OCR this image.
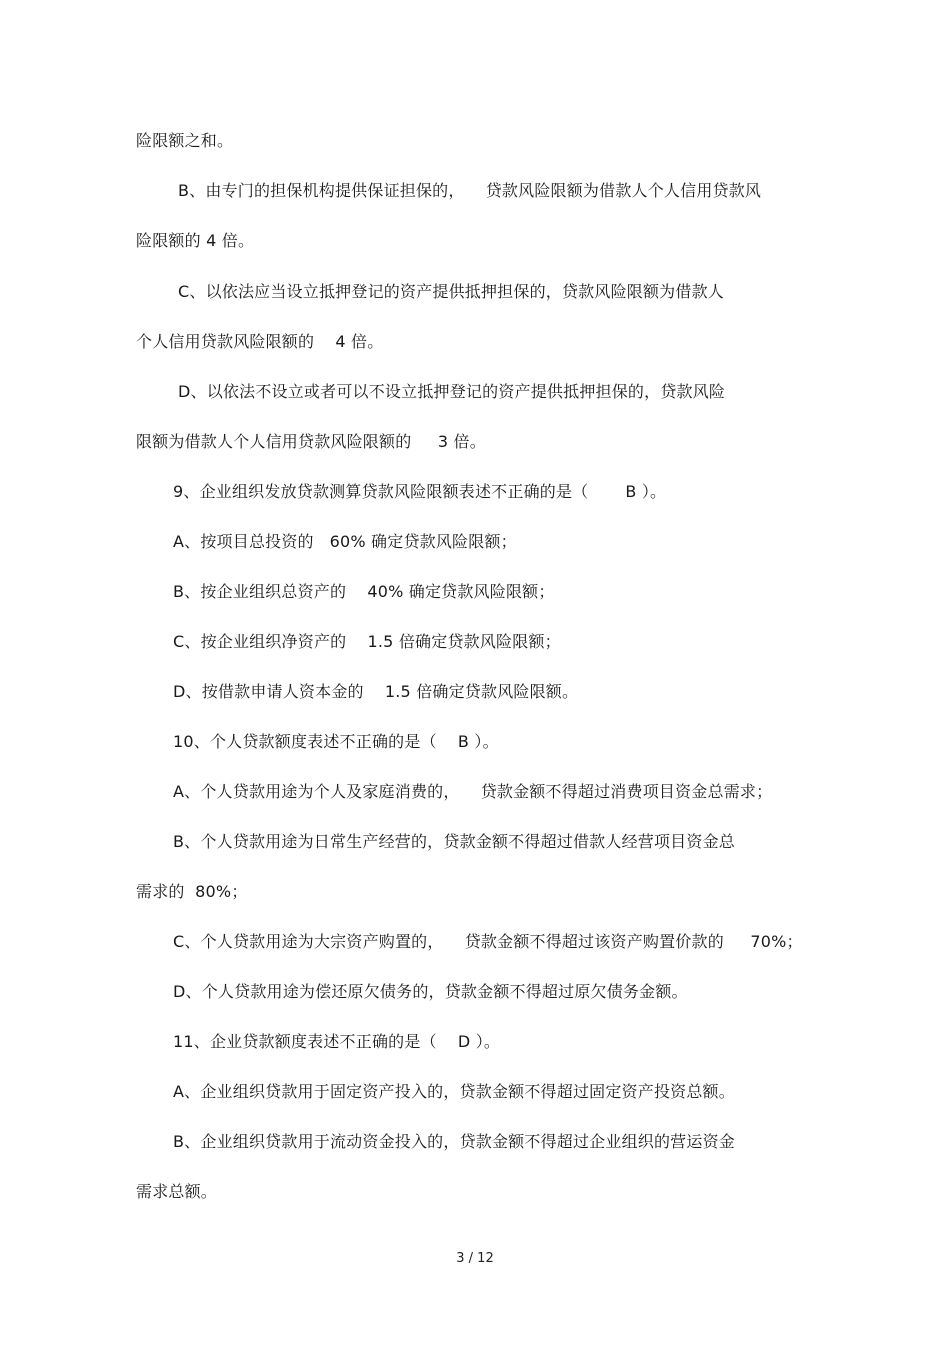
险限额之和。
B、由专门的担保机构提供保证担保的，    贷款风险限额为借款人个人信用贷款风
险限额的 4 倍。
C、以依法应当设立抵押登记的资产提供抵押担保的，贷款风险限额为借款人
个人信用贷款风险限额的    4 倍。
D、以依法不设立或者可以不设立抵押登记的资产提供抵押担保的，贷款风险
限额为借款人个人信用贷款风险限额的     3 倍。
9、企业组织发放贷款测算贷款风险限额表述不正确的是（       B ）。
A、按项目总投资的   60% 确定贷款风险限额；
B、按企业组织总资产的    40% 确定贷款风险限额；
C、按企业组织净资产的    1.5 倍确定贷款风险限额；
D、按借款申请人资本金的    1.5 倍确定贷款风险限额。
10、个人贷款额度表述不正确的是（    B ）。
A、个人贷款用途为个人及家庭消费的，    贷款金额不得超过消费项目资金总需求；
B、个人贷款用途为日常生产经营的，贷款金额不得超过借款人经营项目资金总
需求的  80%；
C、个人贷款用途为大宗资产购置的，    贷款金额不得超过该资产购置价款的     70%；
D、个人贷款用途为偿还原欠债务的，贷款金额不得超过原欠债务金额。
11、企业贷款额度表述不正确的是（    D ）。
A、企业组织贷款用于固定资产投入的，贷款金额不得超过固定资产投资总额。
B、企业组织贷款用于流动资金投入的，贷款金额不得超过企业组织的营运资金
需求总额。
3 / 12
